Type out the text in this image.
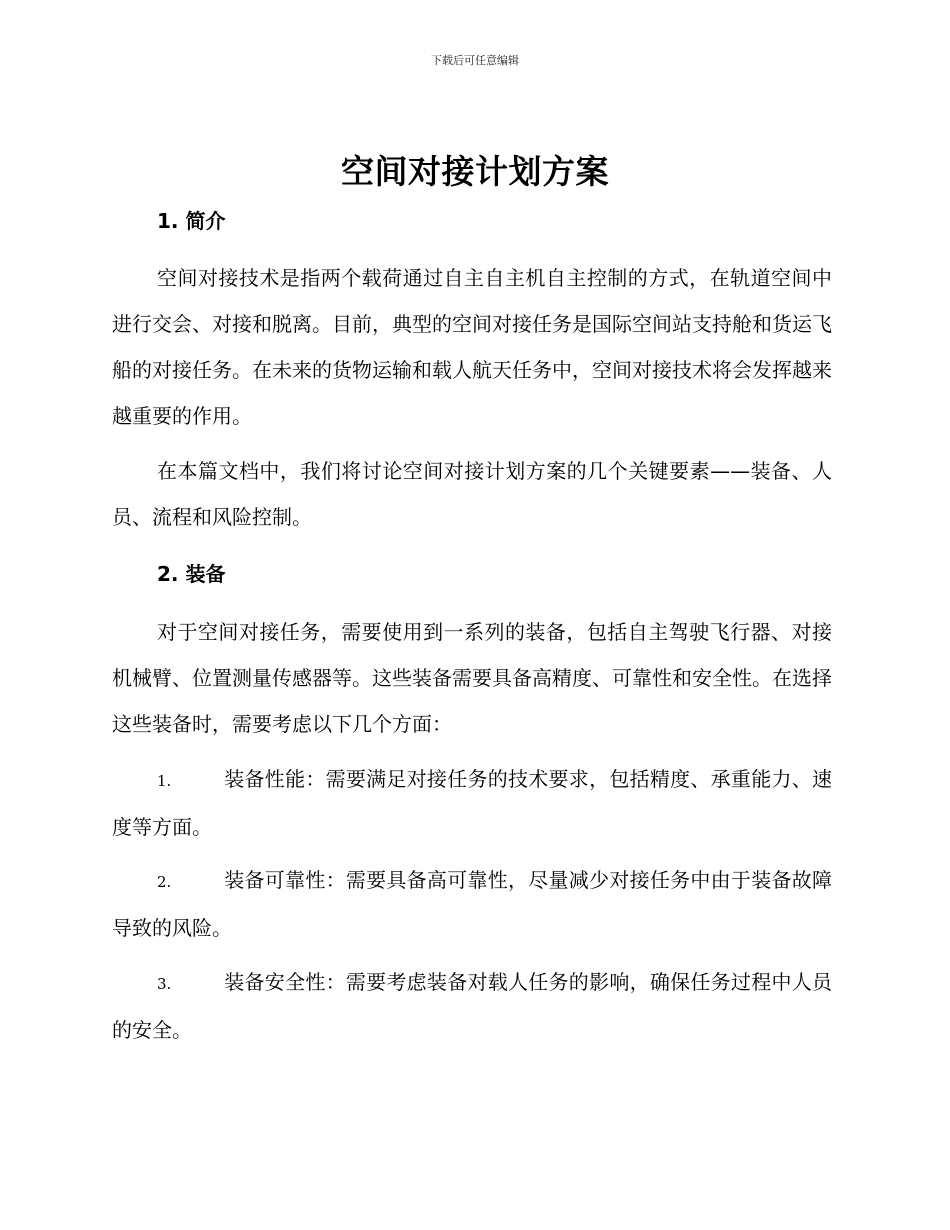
下载后可任意编辑
空间对接计划方案
1. 简介

空间对接技术是指两个载荷通过自主自主机自主控制的方式，在轨道空间中进行交会、对接和脱离。目前，典型的空间对接任务是国际空间站支持舱和货运飞船的对接任务。在未来的货物运输和载人航天任务中，空间对接技术将会发挥越来越重要的作用。

在本篇文档中，我们将讨论空间对接计划方案的几个关键要素——装备、人员、流程和风险控制。

2. 装备

对于空间对接任务，需要使用到一系列的装备，包括自主驾驶飞行器、对接机械臂、位置测量传感器等。这些装备需要具备高精度、可靠性和安全性。在选择这些装备时，需要考虑以下几个方面：

1.	装备性能：需要满足对接任务的技术要求，包括精度、承重能力、速度等方面。

2.	装备可靠性：需要具备高可靠性，尽量减少对接任务中由于装备故障导致的风险。

3.	装备安全性：需要考虑装备对载人任务的影响，确保任务过程中人员的安全。
